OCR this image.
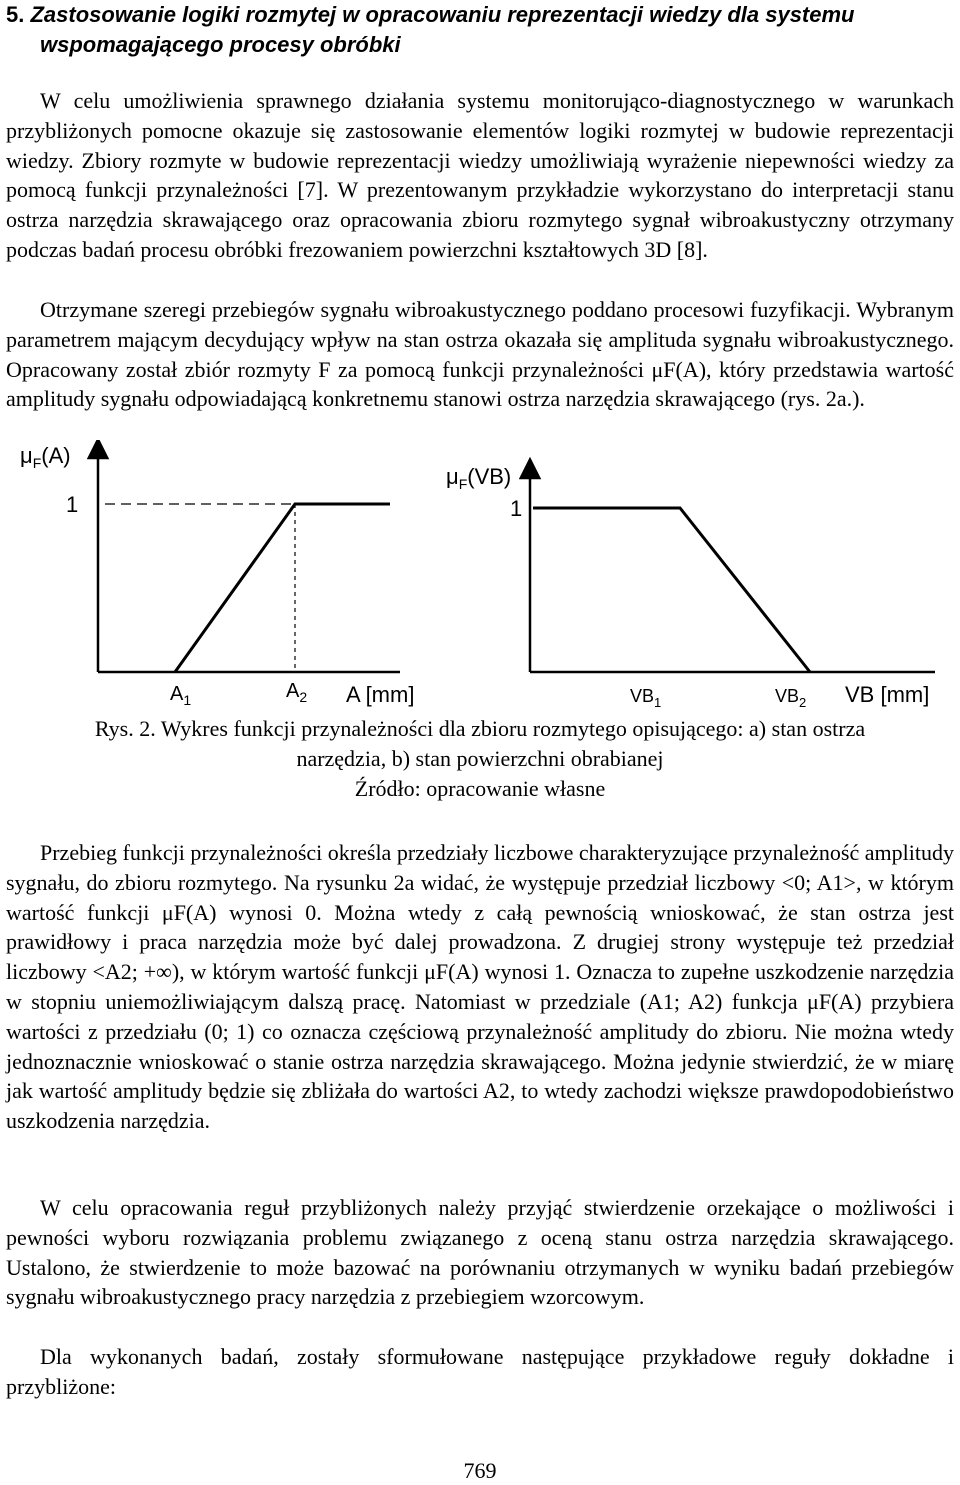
5. Zastosowanie logiki rozmytej w opracowaniu reprezentacji wiedzy dla systemu
wspomagającego procesy obróbki

W celu umożliwienia sprawnego działania systemu monitorująco-diagnostycznego w warunkach przybliżonych pomocne okazuje się zastosowanie elementów logiki rozmytej w budowie reprezentacji wiedzy. Zbiory rozmyte w budowie reprezentacji wiedzy umożliwiają wyrażenie niepewności wiedzy za pomocą funkcji przynależności [7]. W prezentowanym przykładzie wykorzystano do interpretacji stanu ostrza narzędzia skrawającego oraz opracowania zbioru rozmytego sygnał wibroakustyczny otrzymany podczas badań procesu obróbki frezowaniem powierzchni kształtowych 3D [8].

Otrzymane szeregi przebiegów sygnału wibroakustycznego poddano procesowi fuzyfikacji. Wybranym parametrem mającym decydujący wpływ na stan ostrza okazała się amplituda sygnału wibroakustycznego. Opracowany został zbiór rozmyty F za pomocą funkcji przynależności μF(A), który przedstawia wartość amplitudy sygnału odpowiadającą konkretnemu stanowi ostrza narzędzia skrawającego (rys. 2a.).

$\mu_F(A)$
1
$A_1$	$A_2$ A [mm]
$\mu_F(VB)$
1
$VB_1$	$VB_2$ VB [mm]
Rys. 2. Wykres funkcji przynależności dla zbioru rozmytego opisującego: a) stan ostrza
narzędzia, b) stan powierzchni obrabianej
Źródło: opracowanie własne

Przebieg funkcji przynależności określa przedziały liczbowe charakteryzujące przynależność amplitudy sygnału, do zbioru rozmytego. Na rysunku 2a widać, że występuje przedział liczbowy <0; A1>, w którym wartość funkcji μF(A) wynosi 0. Można wtedy z całą pewnością wnioskować, że stan ostrza jest prawidłowy i praca narzędzia może być dalej prowadzona. Z drugiej strony występuje też przedział liczbowy <A2; +∞), w którym wartość funkcji μF(A) wynosi 1. Oznacza to zupełne uszkodzenie narzędzia w stopniu uniemożliwiającym dalszą pracę. Natomiast w przedziale (A1; A2) funkcja μF(A) przybiera wartości z przedziału (0; 1) co oznacza częściową przynależność amplitudy do zbioru. Nie można wtedy jednoznacznie wnioskować o stanie ostrza narzędzia skrawającego. Można jedynie stwierdzić, że w miarę jak wartość amplitudy będzie się zbliżała do wartości A2, to wtedy zachodzi większe prawdopodobieństwo uszkodzenia narzędzia.

W celu opracowania reguł przybliżonych należy przyjąć stwierdzenie orzekające o możliwości i pewności wyboru rozwiązania problemu związanego z oceną stanu ostrza narzędzia skrawającego. Ustalono, że stwierdzenie to może bazować na porównaniu otrzymanych w wyniku badań przebiegów sygnału wibroakustycznego pracy narzędzia z przebiegiem wzorcowym.

Dla wykonanych badań, zostały sformułowane następujące przykładowe reguły dokładne i przybliżone:

769
